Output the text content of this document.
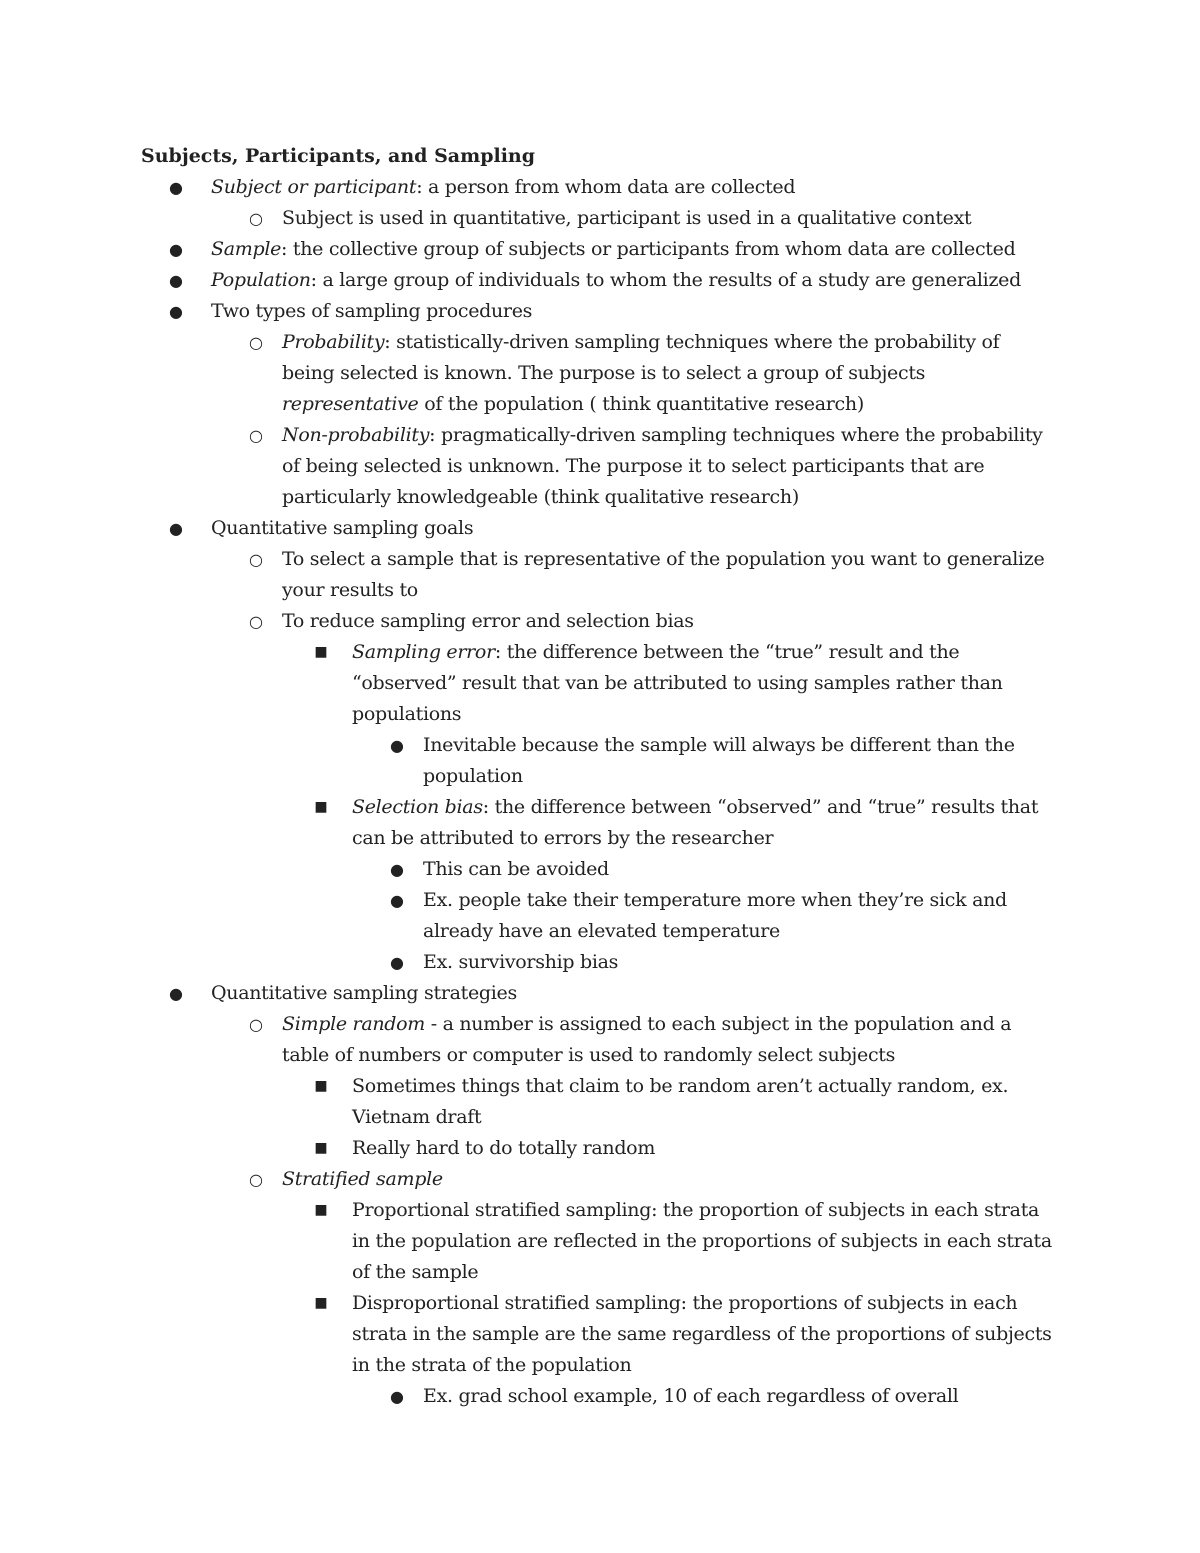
Subjects, Participants, and Sampling
● Subject or participant: a person from whom data are collected
○ Subject is used in quantitative, participant is used in a qualitative context
● Sample: the collective group of subjects or participants from whom data are collected
● Population: a large group of individuals to whom the results of a study are generalized
● Two types of sampling procedures
○ Probability: statistically-driven sampling techniques where the probability of
being selected is known. The purpose is to select a group of subjects
representative of the population ( think quantitative research)
○ Non-probability: pragmatically-driven sampling techniques where the probability
of being selected is unknown. The purpose it to select participants that are
particularly knowledgeable (think qualitative research)
● Quantitative sampling goals
○ To select a sample that is representative of the population you want to generalize
your results to
○ To reduce sampling error and selection bias
■ Sampling error: the difference between the “true” result and the
“observed” result that van be attributed to using samples rather than
populations
● Inevitable because the sample will always be different than the
population
■ Selection bias: the difference between “observed” and “true” results that
can be attributed to errors by the researcher
● This can be avoided
● Ex. people take their temperature more when they’re sick and
already have an elevated temperature
● Ex. survivorship bias
● Quantitative sampling strategies
○ Simple random - a number is assigned to each subject in the population and a
table of numbers or computer is used to randomly select subjects
■ Sometimes things that claim to be random aren’t actually random, ex.
Vietnam draft
■ Really hard to do totally random
○ Stratified sample
■ Proportional stratified sampling: the proportion of subjects in each strata
in the population are reflected in the proportions of subjects in each strata
of the sample
■ Disproportional stratified sampling: the proportions of subjects in each
strata in the sample are the same regardless of the proportions of subjects
in the strata of the population
● Ex. grad school example, 10 of each regardless of overall
